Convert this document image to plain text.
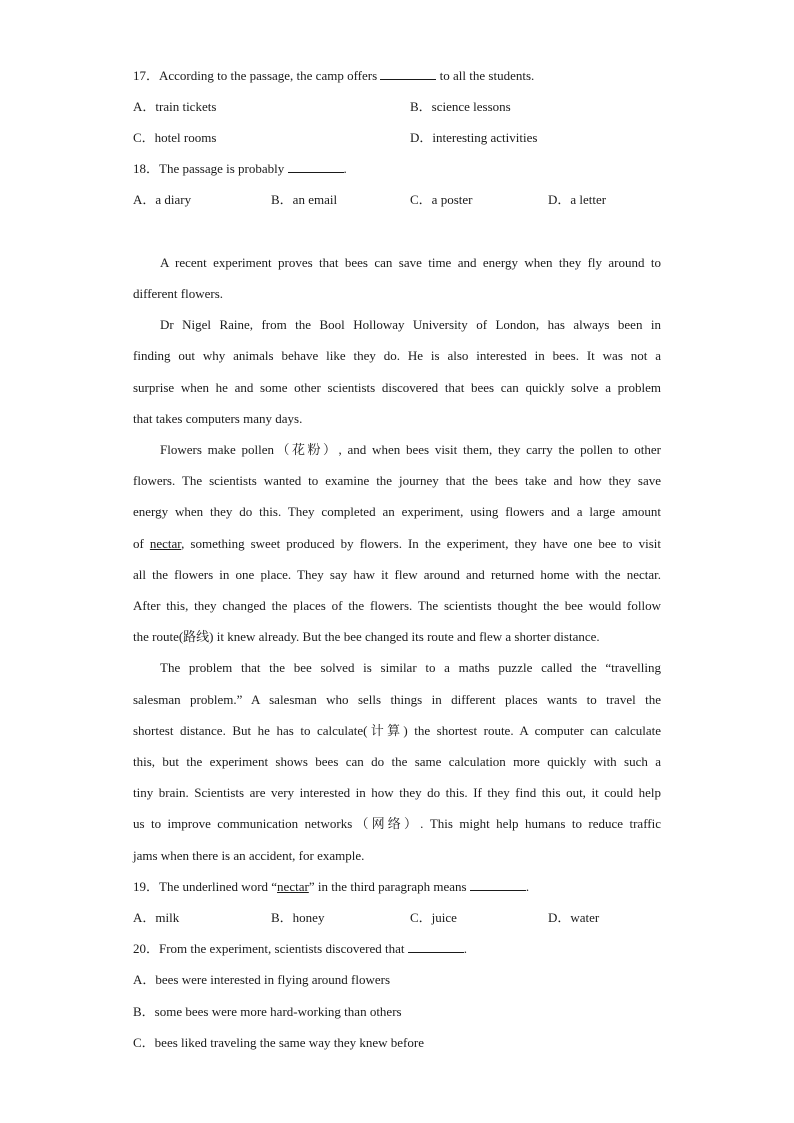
17．According to the passage, the camp offers	to all the students.
A．train tickets	B．science lessons
C．hotel rooms	D．interesting activities
18．The passage is probably	.
A．a diary	B．an email	C．a poster	D．a letter
A recent experiment proves that bees can save time and energy when they fly around to
different flowers.
Dr Nigel Raine, from the Bool Holloway University of London, has always been in
finding out why animals behave like they do. He is also interested in bees. It was not a
surprise when he and some other scientists discovered that bees can quickly solve a problem
that takes computers many days.
Flowers make pollen（花粉）, and when bees visit them, they carry the pollen to other
flowers. The scientists wanted to examine the journey that the bees take and how they save
energy when they do this. They completed an experiment, using flowers and a large amount
of nectar, something sweet produced by flowers. In the experiment, they have one bee to visit
all the flowers in one place. They say haw it flew around and returned home with the nectar.
After this, they changed the places of the flowers. The scientists thought the bee would follow
the route(路线) it knew already. But the bee changed its route and flew a shorter distance.
The problem that the bee solved is similar to a maths puzzle called the “travelling
salesman problem.” A salesman who sells things in different places wants to travel the
shortest distance. But he has to calculate(计算) the shortest route. A computer can calculate
this, but the experiment shows bees can do the same calculation more quickly with such a
tiny brain. Scientists are very interested in how they do this. If they find this out, it could help
us to improve communication networks（网络）. This might help humans to reduce traffic
jams when there is an accident, for example.
19．The underlined word “nectar” in the third paragraph means	.
A．milk	B．honey	C．juice	D．water
20．From the experiment, scientists discovered that	.
A．bees were interested in flying around flowers
B．some bees were more hard-working than others
C．bees liked traveling the same way they knew before
